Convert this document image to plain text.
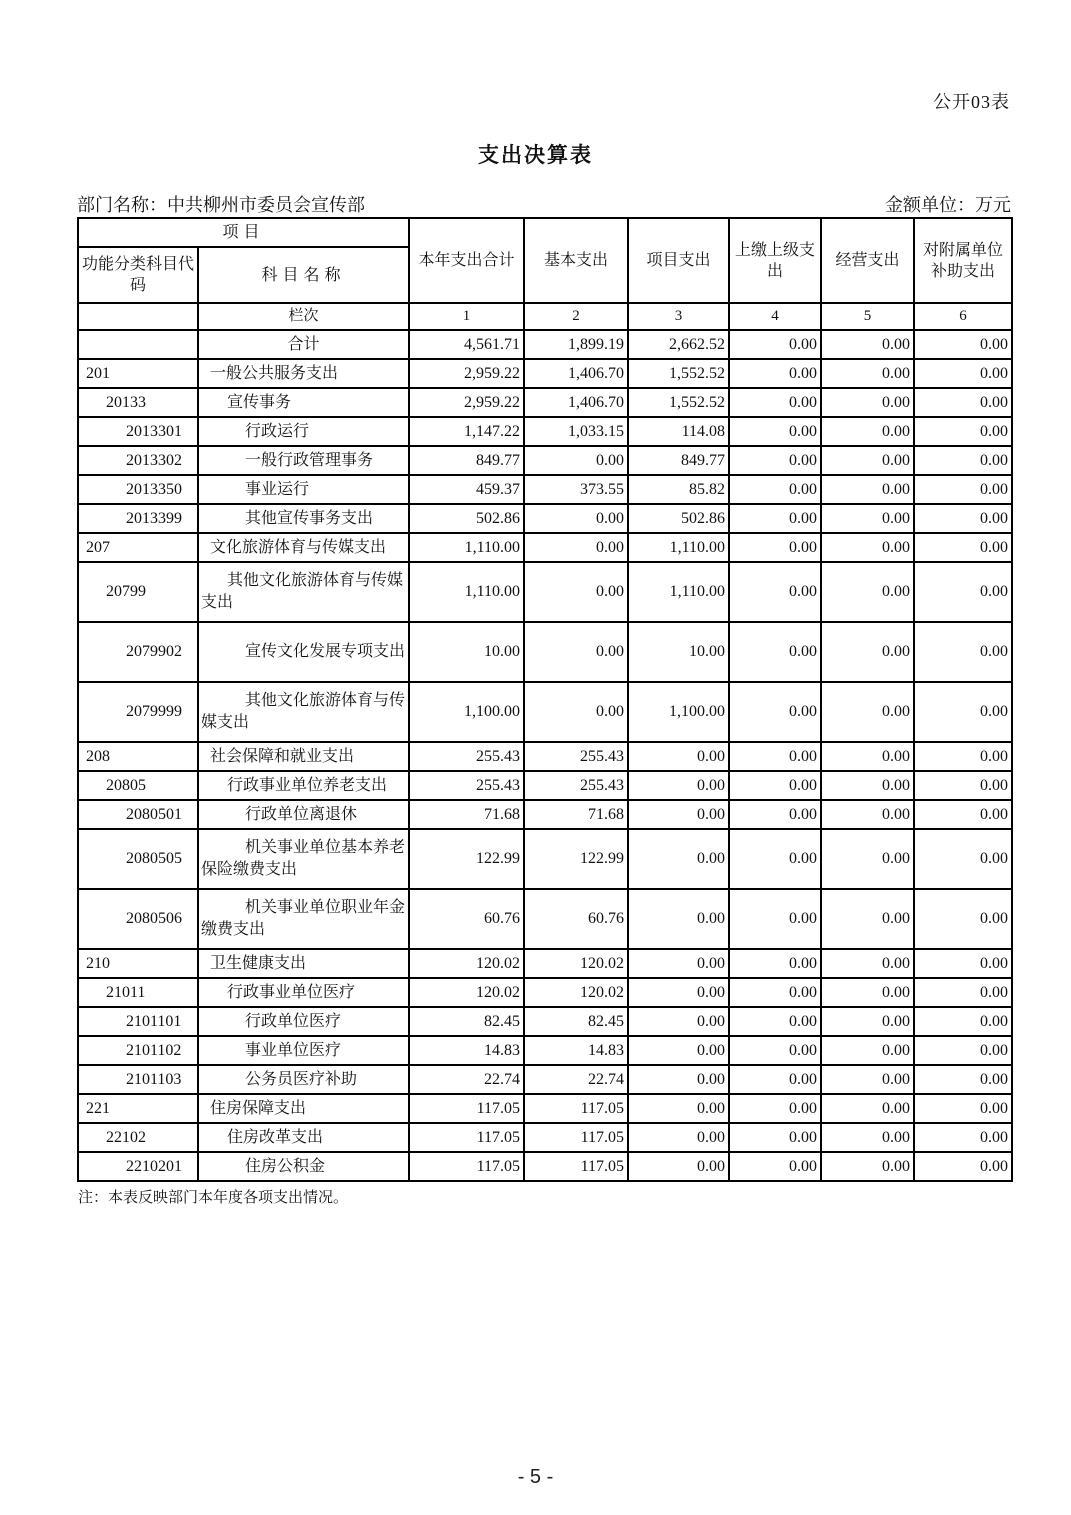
公开03表
支出决算表
部门名称：中共柳州市委员会宣传部	金额单位：万元
项目		本年支出合计	基本支出	项目支出	上缴上级支出	经营支出	对附属单位补助支出
功能分类科目代码	科目名称						
	栏次	1	2	3	4	5	6
	合计	4,561.71	1,899.19	2,662.52	0.00	0.00	0.00
201	一般公共服务支出	2,959.22	1,406.70	1,552.52	0.00	0.00	0.00
20133	宣传事务	2,959.22	1,406.70	1,552.52	0.00	0.00	0.00
2013301	行政运行	1,147.22	1,033.15	114.08	0.00	0.00	0.00
2013302	一般行政管理事务	849.77	0.00	849.77	0.00	0.00	0.00
2013350	事业运行	459.37	373.55	85.82	0.00	0.00	0.00
2013399	其他宣传事务支出	502.86	0.00	502.86	0.00	0.00	0.00
207	文化旅游体育与传媒支出	1,110.00	0.00	1,110.00	0.00	0.00	0.00
20799	其他文化旅游体育与传媒支出	1,110.00	0.00	1,110.00	0.00	0.00	0.00
2079902	宣传文化发展专项支出	10.00	0.00	10.00	0.00	0.00	0.00
2079999	其他文化旅游体育与传媒支出	1,100.00	0.00	1,100.00	0.00	0.00	0.00
208	社会保障和就业支出	255.43	255.43	0.00	0.00	0.00	0.00
20805	行政事业单位养老支出	255.43	255.43	0.00	0.00	0.00	0.00
2080501	行政单位离退休	71.68	71.68	0.00	0.00	0.00	0.00
2080505	机关事业单位基本养老保险缴费支出	122.99	122.99	0.00	0.00	0.00	0.00
2080506	机关事业单位职业年金缴费支出	60.76	60.76	0.00	0.00	0.00	0.00
210	卫生健康支出	120.02	120.02	0.00	0.00	0.00	0.00
21011	行政事业单位医疗	120.02	120.02	0.00	0.00	0.00	0.00
2101101	行政单位医疗	82.45	82.45	0.00	0.00	0.00	0.00
2101102	事业单位医疗	14.83	14.83	0.00	0.00	0.00	0.00
2101103	公务员医疗补助	22.74	22.74	0.00	0.00	0.00	0.00
221	住房保障支出	117.05	117.05	0.00	0.00	0.00	0.00
22102	住房改革支出	117.05	117.05	0.00	0.00	0.00	0.00
2210201	住房公积金	117.05	117.05	0.00	0.00	0.00	0.00
注：本表反映部门本年度各项支出情况。
- 5 -
